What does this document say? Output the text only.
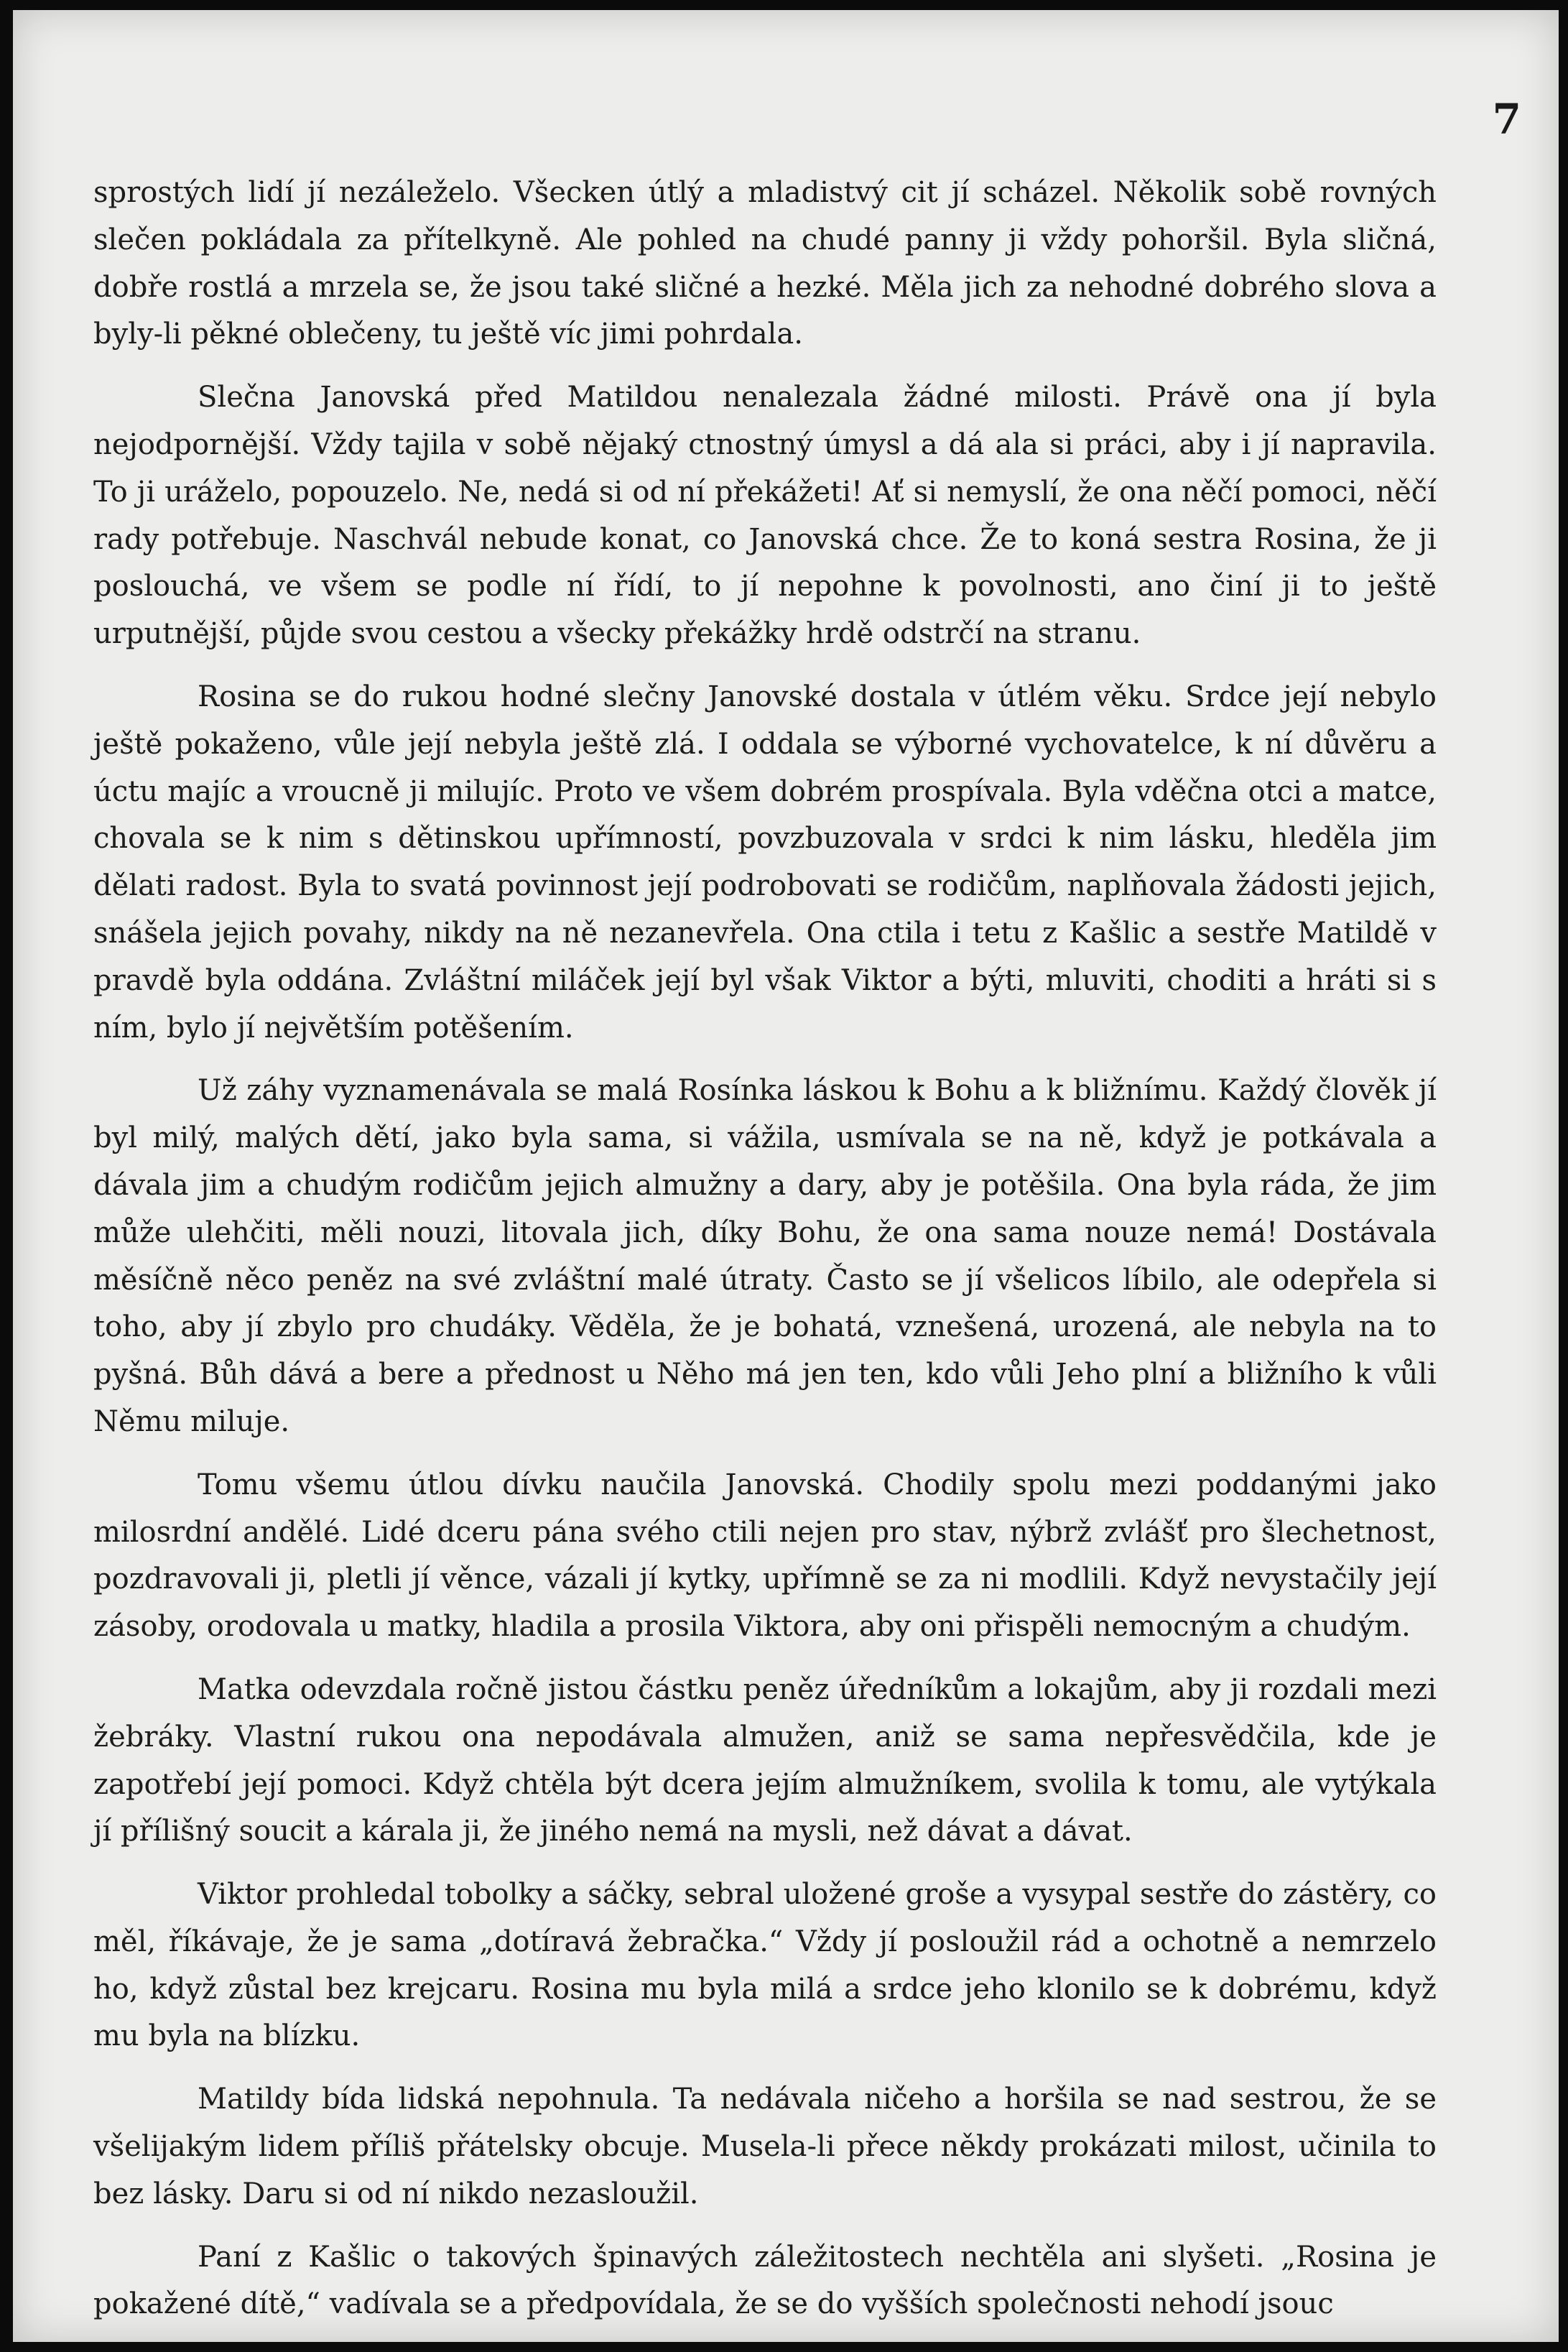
7

sprostých lidí jí nezáleželo. Všecken útlý a mladistvý cit jí scházel. Několik sobě rovných slečen pokládala za přítelkyně. Ale pohled na chudé panny ji vždy pohoršil. Byla sličná, dobře rostlá a mrzela se, že jsou také sličné a hezké. Měla jich za nehodné dobrého slova a byly-li pěkné oblečeny, tu ještě víc jimi pohrdala.

Slečna Janovská před Matildou nenalezala žádné milosti. Právě ona jí byla nejodpornější. Vždy tajila v sobě nějaký ctnostný úmysl a dá ala si práci, aby i jí napravila. To ji uráželo, popouzelo. Ne, nedá si od ní překážeti! Ať si nemyslí, že ona něčí pomoci, něčí rady potřebuje. Naschvál nebude konat, co Janovská chce. Že to koná sestra Rosina, že ji poslouchá, ve všem se podle ní řídí, to jí nepohne k povolnosti, ano činí ji to ještě urputnější, půjde svou cestou a všecky překážky hrdě odstrčí na stranu.

Rosina se do rukou hodné slečny Janovské dostala v útlém věku. Srdce její nebylo ještě pokaženo, vůle její nebyla ještě zlá. I oddala se výborné vychovatelce, k ní důvěru a úctu majíc a vroucně ji milujíc. Proto ve všem dobrém prospívala. Byla vděčna otci a matce, chovala se k nim s dětinskou upřímností, povzbuzovala v srdci k nim lásku, hleděla jim dělati radost. Byla to svatá povinnost její podrobovati se rodičům, naplňovala žádosti jejich, snášela jejich povahy, nikdy na ně nezanevřela. Ona ctila i tetu z Kašlic a sestře Matildě v pravdě byla oddána. Zvláštní miláček její byl však Viktor a býti, mluviti, choditi a hráti si s ním, bylo jí největším potěšením.

Už záhy vyznamenávala se malá Rosínka láskou k Bohu a k bližnímu. Každý člověk jí byl milý, malých dětí, jako byla sama, si vážila, usmívala se na ně, když je potkávala a dávala jim a chudým rodičům jejich almužny a dary, aby je potěšila. Ona byla ráda, že jim může ulehčiti, měli nouzi, litovala jich, díky Bohu, že ona sama nouze nemá! Dostávala měsíčně něco peněz na své zvláštní malé útraty. Často se jí všelicos líbilo, ale odepřela si toho, aby jí zbylo pro chudáky. Věděla, že je bohatá, vznešená, urozená, ale nebyla na to pyšná. Bůh dává a bere a přednost u Něho má jen ten, kdo vůli Jeho plní a bližního k vůli Němu miluje.

Tomu všemu útlou dívku naučila Janovská. Chodily spolu mezi poddanými jako milosrdní andělé. Lidé dceru pána svého ctili nejen pro stav, nýbrž zvlášť pro šlechetnost, pozdravovali ji, pletli jí věnce, vázali jí kytky, upřímně se za ni modlili. Když nevystačily její zásoby, orodovala u matky, hladila a prosila Viktora, aby oni přispěli nemocným a chudým.

Matka odevzdala ročně jistou částku peněz úředníkům a lokajům, aby ji rozdali mezi žebráky. Vlastní rukou ona nepodávala almužen, aniž se sama nepřesvědčila, kde je zapotřebí její pomoci. Když chtěla být dcera jejím almužníkem, svolila k tomu, ale vytýkala jí přílišný soucit a kárala ji, že jiného nemá na mysli, než dávat a dávat.

Viktor prohledal tobolky a sáčky, sebral uložené groše a vysypal sestře do zástěry, co měl, říkávaje, že je sama „dotíravá žebračka.“ Vždy jí posloužil rád a ochotně a nemrzelo ho, když zůstal bez krejcaru. Rosina mu byla milá a srdce jeho klonilo se k dobrému, když mu byla na blízku.

Matildy bída lidská nepohnula. Ta nedávala ničeho a horšila se nad sestrou, že se všelijakým lidem příliš přátelsky obcuje. Musela-li přece někdy prokázati milost, učinila to bez lásky. Daru si od ní nikdo nezasloužil.

Paní z Kašlic o takových špinavých záležitostech nechtěla ani slyšeti. „Rosina je pokažené dítě,“ vadívala se a předpovídala, že se do vyšších společnosti nehodí jsouc
